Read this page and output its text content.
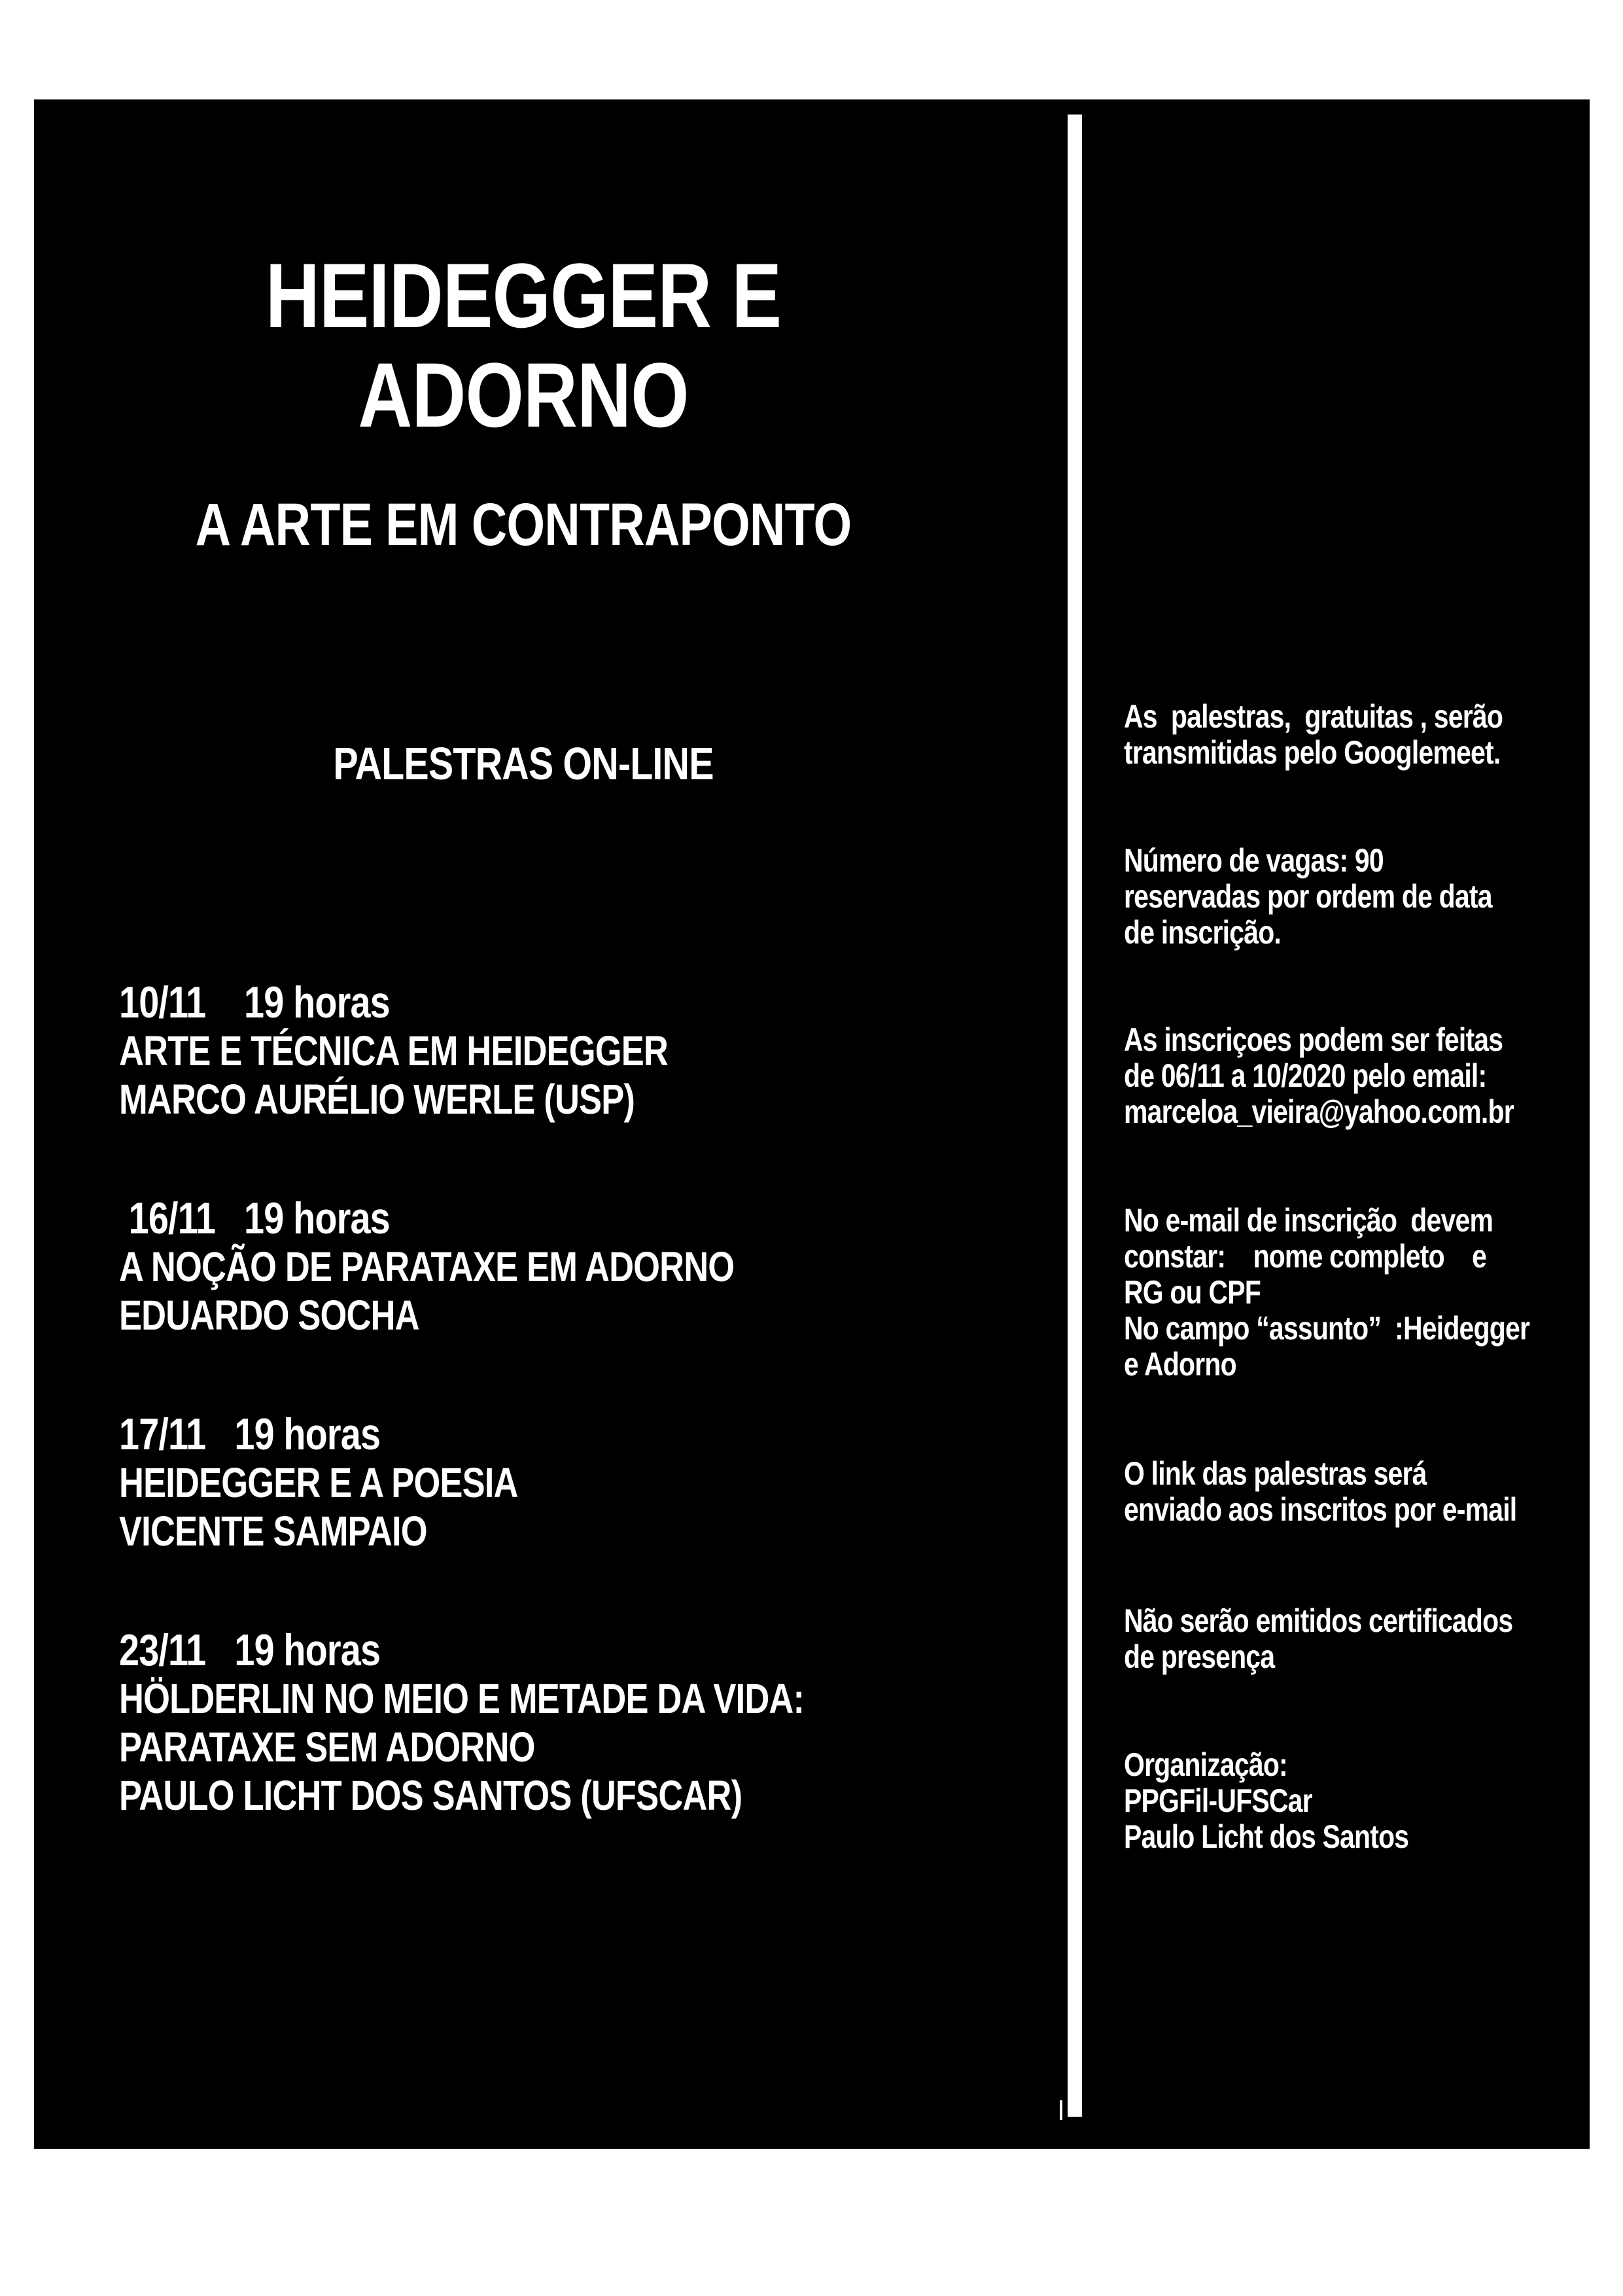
HEIDEGGER E
ADORNO
A ARTE EM CONTRAPONTO
PALESTRAS ON-LINE
10/11    19 horas
ARTE E TÉCNICA EM HEIDEGGER
MARCO AURÉLIO WERLE (USP)
16/11   19 horas
A NOÇÃO DE PARATAXE EM ADORNO
EDUARDO SOCHA
17/11   19 horas
HEIDEGGER E A POESIA
VICENTE SAMPAIO
23/11   19 horas
HÖLDERLIN NO MEIO E METADE DA VIDA:
PARATAXE SEM ADORNO
PAULO LICHT DOS SANTOS (UFSCAR)
As  palestras,  gratuitas , serão
transmitidas pelo Googlemeet.
Número de vagas: 90
reservadas por ordem de data
de inscrição.
As inscriçoes podem ser feitas
de 06/11 a 10/2020 pelo email:
marceloa_vieira@yahoo.com.br
No e-mail de inscrição  devem
constar:    nome completo    e
RG ou CPF
No campo “assunto”  :Heidegger
e Adorno
O link das palestras será
enviado aos inscritos por e-mail
Não serão emitidos certificados
de presença
Organização:
PPGFil-UFSCar
Paulo Licht dos Santos
